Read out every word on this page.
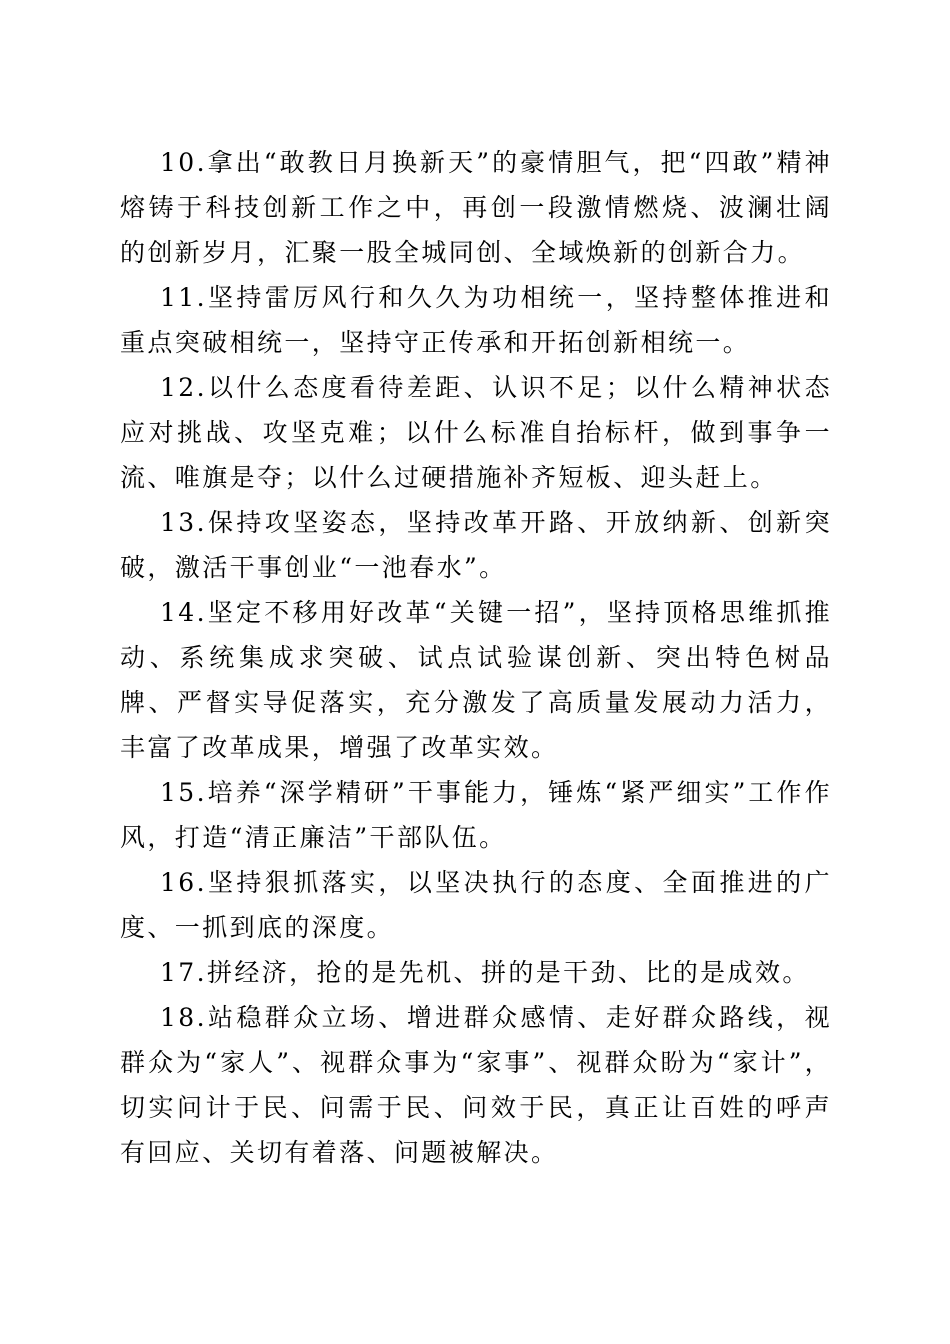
10.拿出“敢教日月换新天”的豪情胆气，把“四敢”精神熔铸于科技创新工作之中，再创一段激情燃烧、波澜壮阔的创新岁月，汇聚一股全城同创、全域焕新的创新合力。

11.坚持雷厉风行和久久为功相统一，坚持整体推进和重点突破相统一，坚持守正传承和开拓创新相统一。

12.以什么态度看待差距、认识不足；以什么精神状态应对挑战、攻坚克难；以什么标准自抬标杆，做到事争一流、唯旗是夺；以什么过硬措施补齐短板、迎头赶上。

13.保持攻坚姿态，坚持改革开路、开放纳新、创新突破，激活干事创业“一池春水”。

14.坚定不移用好改革“关键一招”，坚持顶格思维抓推动、系统集成求突破、试点试验谋创新、突出特色树品牌、严督实导促落实，充分激发了高质量发展动力活力，丰富了改革成果，增强了改革实效。

15.培养“深学精研”干事能力，锤炼“紧严细实”工作作风，打造“清正廉洁”干部队伍。

16.坚持狠抓落实，以坚决执行的态度、全面推进的广度、一抓到底的深度。

17.拼经济，抢的是先机、拼的是干劲、比的是成效。

18.站稳群众立场、增进群众感情、走好群众路线，视群众为“家人”、视群众事为“家事”、视群众盼为“家计”，切实问计于民、问需于民、问效于民，真正让百姓的呼声有回应、关切有着落、问题被解决。
